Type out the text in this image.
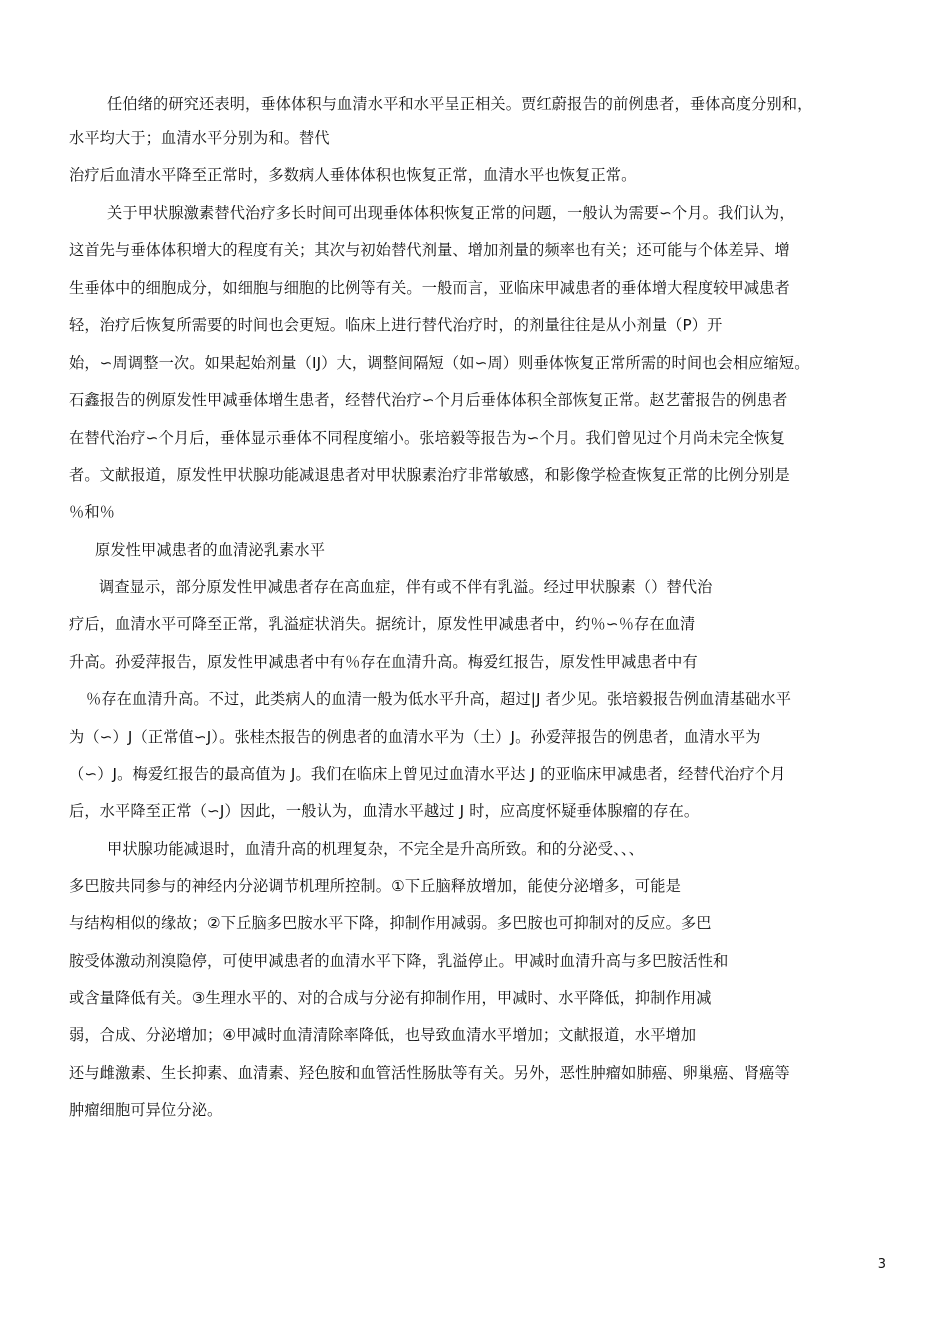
任伯绪的研究还表明，垂体体积与血清水平和水平呈正相关。贾红蔚报告的前例患者，垂体高度分别和，
水平均大于；血清水平分别为和。替代
治疗后血清水平降至正常时，多数病人垂体体积也恢复正常，血清水平也恢复正常。
关于甲状腺激素替代治疗多长时间可出现垂体体积恢复正常的问题，一般认为需要∽个月。我们认为，
这首先与垂体体积增大的程度有关；其次与初始替代剂量、增加剂量的频率也有关；还可能与个体差异、增
生垂体中的细胞成分，如细胞与细胞的比例等有关。一般而言，亚临床甲减患者的垂体增大程度较甲减患者
轻，治疗后恢复所需要的时间也会更短。临床上进行替代治疗时，的剂量往往是从小剂量（P）开
始，∽周调整一次。如果起始剂量（IJ）大，调整间隔短（如∽周）则垂体恢复正常所需的时间也会相应缩短。
石鑫报告的例原发性甲减垂体增生患者，经替代治疗∽个月后垂体体积全部恢复正常。赵艺蕾报告的例患者
在替代治疗∽个月后，垂体显示垂体不同程度缩小。张培毅等报告为∽个月。我们曾见过个月尚未完全恢复
者。文献报道，原发性甲状腺功能减退患者对甲状腺素治疗非常敏感，和影像学检查恢复正常的比例分别是
％和％
原发性甲减患者的血清泌乳素水平
调查显示，部分原发性甲减患者存在高血症，伴有或不伴有乳溢。经过甲状腺素（）替代治
疗后，血清水平可降至正常，乳溢症状消失。据统计，原发性甲减患者中，约％∽％存在血清
升高。孙爱萍报告，原发性甲减患者中有％存在血清升高。梅爱红报告，原发性甲减患者中有
％存在血清升高。不过，此类病人的血清一般为低水平升高，超过|J 者少见。张培毅报告例血清基础水平
为（∽）J（正常值∽J）。张桂杰报告的例患者的血清水平为（土）J。孙爱萍报告的例患者，血清水平为
（∽）J。梅爱红报告的最高值为 J。我们在临床上曾见过血清水平达 J 的亚临床甲减患者，经替代治疗个月
后，水平降至正常（∽J）因此，一般认为，血清水平越过 J 时，应高度怀疑垂体腺瘤的存在。
甲状腺功能减退时，血清升高的机理复杂，不完全是升高所致。和的分泌受、、、
多巴胺共同参与的神经内分泌调节机理所控制。①下丘脑释放增加，能使分泌增多，可能是
与结构相似的缘故；②下丘脑多巴胺水平下降，抑制作用减弱。多巴胺也可抑制对的反应。多巴
胺受体激动剂溴隐停，可使甲减患者的血清水平下降，乳溢停止。甲减时血清升高与多巴胺活性和
或含量降低有关。③生理水平的、对的合成与分泌有抑制作用，甲减时、水平降低，抑制作用减
弱，合成、分泌增加；④甲减时血清清除率降低，也导致血清水平增加；文献报道，水平增加
还与雌激素、生长抑素、血清素、羟色胺和血管活性肠肽等有关。另外，恶性肿瘤如肺癌、卵巢癌、肾癌等
肿瘤细胞可异位分泌。
3
